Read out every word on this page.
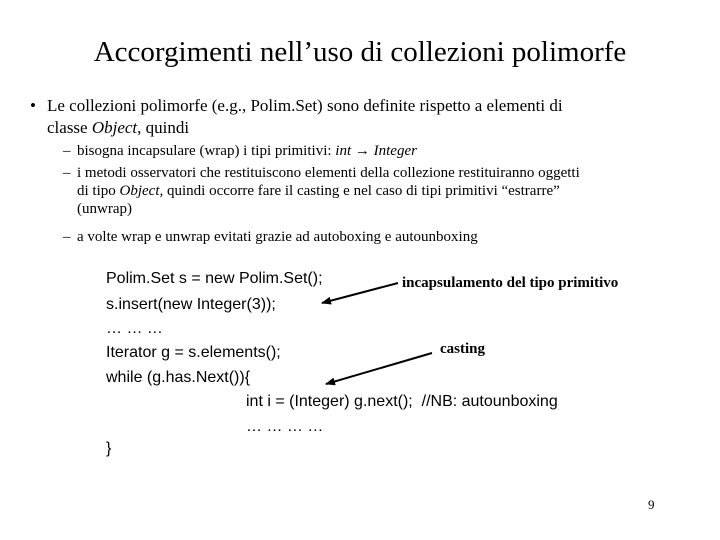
Accorgimenti nell’uso di collezioni polimorfe
• Le collezioni polimorfe (e.g., Polim.Set) sono definite rispetto a elementi di
classe Object, quindi
– bisogna incapsulare (wrap) i tipi primitivi: int → Integer
– i metodi osservatori che restituiscono elementi della collezione restituiranno oggetti
di tipo Object, quindi occorre fare il casting e nel caso di tipi primitivi “estrarre”
(unwrap)
– a volte wrap e unwrap evitati grazie ad autoboxing e autounboxing
Polim.Set s = new Polim.Set();
s.insert(new Integer(3));
… … …
Iterator g = s.elements();
while (g.has.Next()){
int i = (Integer) g.next();  //NB: autounboxing
… … … …
}
incapsulamento del tipo primitivo
casting
9
